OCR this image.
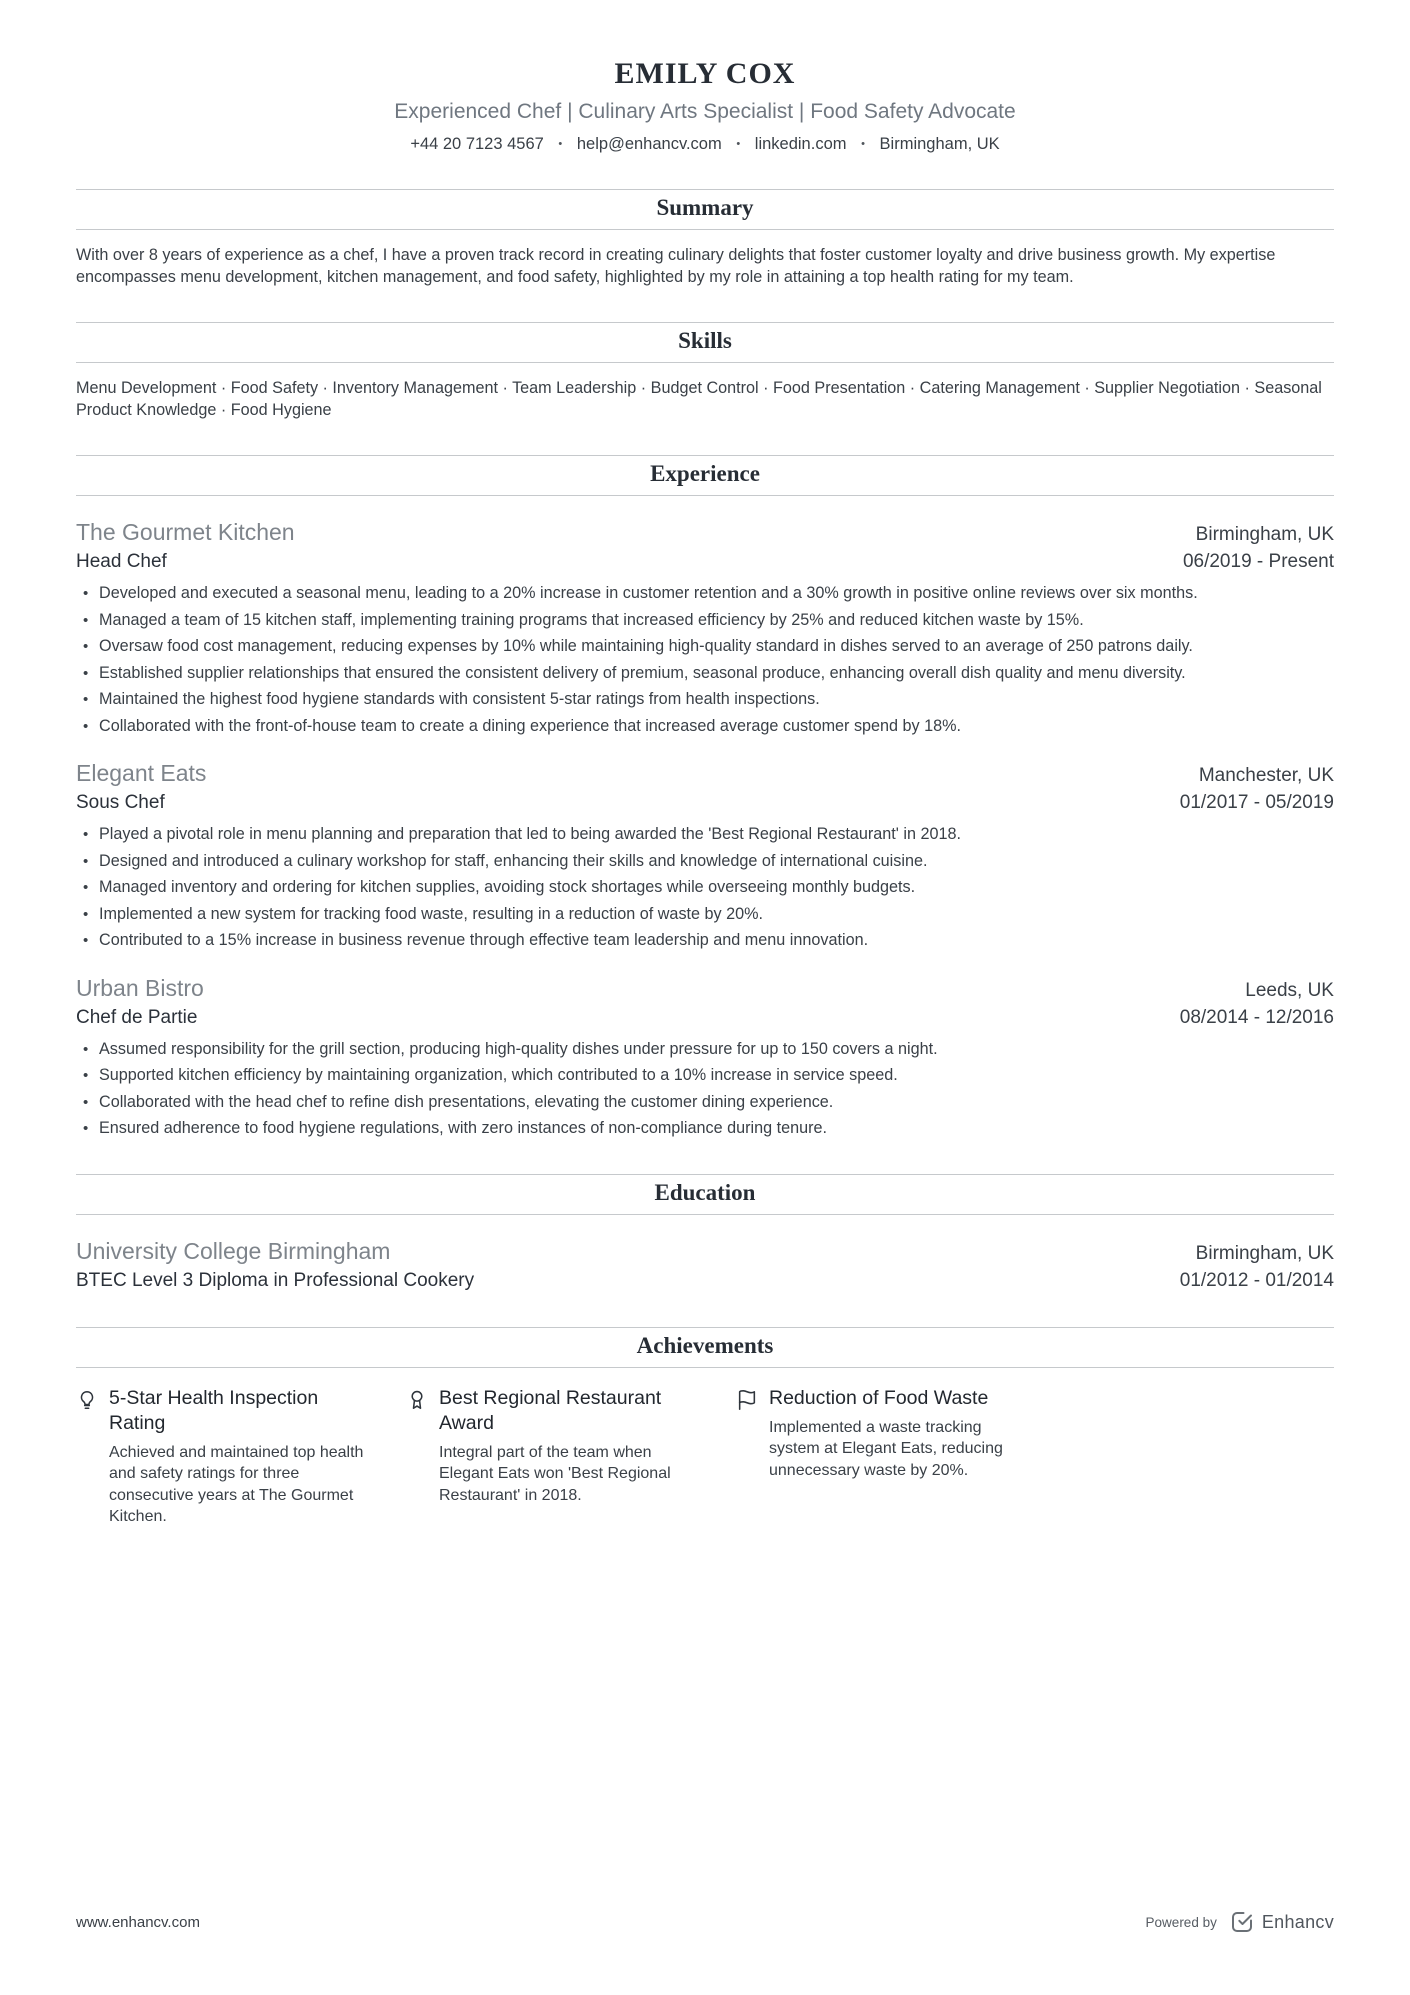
EMILY COX
Experienced Chef | Culinary Arts Specialist | Food Safety Advocate
+44 20 7123 4567 • help@enhancv.com • linkedin.com • Birmingham, UK
Summary

With over 8 years of experience as a chef, I have a proven track record in creating culinary delights that foster customer loyalty and drive business growth. My expertise encompasses menu development, kitchen management, and food safety, highlighted by my role in attaining a top health rating for my team.

Skills

Menu Development · Food Safety · Inventory Management · Team Leadership · Budget Control · Food Presentation · Catering Management · Supplier Negotiation · Seasonal Product Knowledge · Food Hygiene

Experience
The Gourmet Kitchen	Birmingham, UK
Head Chef	06/2019 - Present
• Developed and executed a seasonal menu, leading to a 20% increase in customer retention and a 30% growth in positive online reviews over six months.
• Managed a team of 15 kitchen staff, implementing training programs that increased efficiency by 25% and reduced kitchen waste by 15%.
• Oversaw food cost management, reducing expenses by 10% while maintaining high-quality standard in dishes served to an average of 250 patrons daily.
• Established supplier relationships that ensured the consistent delivery of premium, seasonal produce, enhancing overall dish quality and menu diversity.
• Maintained the highest food hygiene standards with consistent 5-star ratings from health inspections.
• Collaborated with the front-of-house team to create a dining experience that increased average customer spend by 18%.
Elegant Eats	Manchester, UK
Sous Chef	01/2017 - 05/2019
• Played a pivotal role in menu planning and preparation that led to being awarded the 'Best Regional Restaurant' in 2018.
• Designed and introduced a culinary workshop for staff, enhancing their skills and knowledge of international cuisine.
• Managed inventory and ordering for kitchen supplies, avoiding stock shortages while overseeing monthly budgets.
• Implemented a new system for tracking food waste, resulting in a reduction of waste by 20%.
• Contributed to a 15% increase in business revenue through effective team leadership and menu innovation.
Urban Bistro	Leeds, UK
Chef de Partie	08/2014 - 12/2016
• Assumed responsibility for the grill section, producing high-quality dishes under pressure for up to 150 covers a night.
• Supported kitchen efficiency by maintaining organization, which contributed to a 10% increase in service speed.
• Collaborated with the head chef to refine dish presentations, elevating the customer dining experience.
• Ensured adherence to food hygiene regulations, with zero instances of non-compliance during tenure.
Education
University College Birmingham	Birmingham, UK
BTEC Level 3 Diploma in Professional Cookery	01/2012 - 01/2014
Achievements
5-Star Health Inspection Rating
Achieved and maintained top health and safety ratings for three consecutive years at The Gourmet Kitchen.
Best Regional Restaurant Award
Integral part of the team when Elegant Eats won 'Best Regional Restaurant' in 2018.
Reduction of Food Waste
Implemented a waste tracking system at Elegant Eats, reducing unnecessary waste by 20%.
www.enhancv.com	Powered by	Enhancv
